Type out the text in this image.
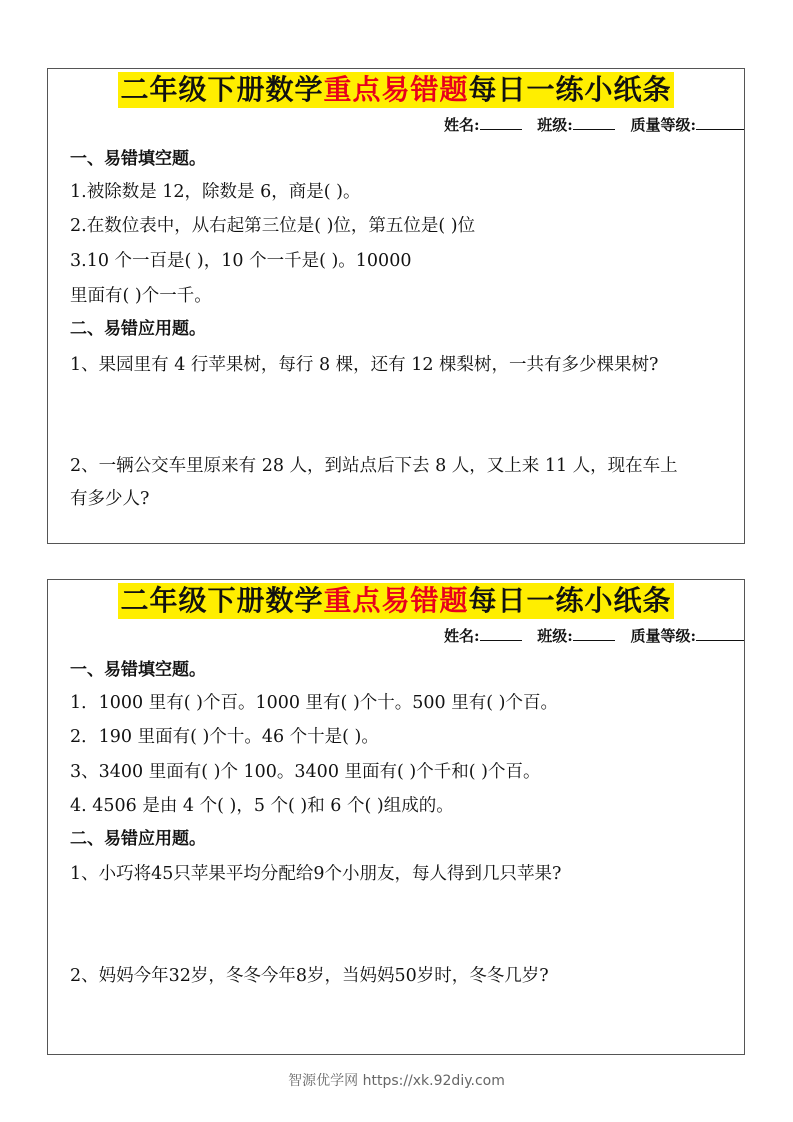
二年级下册数学重点易错题每日一练小纸条
姓名:	班级:	质量等级:
一、易错填空题。
1.被除数是 12，除数是 6，商是( )。
2.在数位表中，从右起第三位是( )位，第五位是( )位
3.10 个一百是( )，10 个一千是( )。10000
里面有( )个一千。
二、易错应用题。
1、果园里有 4 行苹果树，每行 8 棵，还有 12 棵梨树，一共有多少棵果树?
2、一辆公交车里原来有 28 人，到站点后下去 8 人，又上来 11 人，现在车上
有多少人?
二年级下册数学重点易错题每日一练小纸条
姓名:	班级:	质量等级:
一、易错填空题。
1．1000 里有( )个百。1000 里有( )个十。500 里有( )个百。
2．190 里面有( )个十。46 个十是( )。
3、3400 里面有( )个 100。3400 里面有( )个千和( )个百。
4. 4506 是由 4 个( )，5 个( )和 6 个( )组成的。
二、易错应用题。
1、小巧将45只苹果平均分配给9个小朋友，每人得到几只苹果?
2、妈妈今年32岁，冬冬今年8岁，当妈妈50岁时，冬冬几岁?
智源优学网 https://xk.92diy.com
